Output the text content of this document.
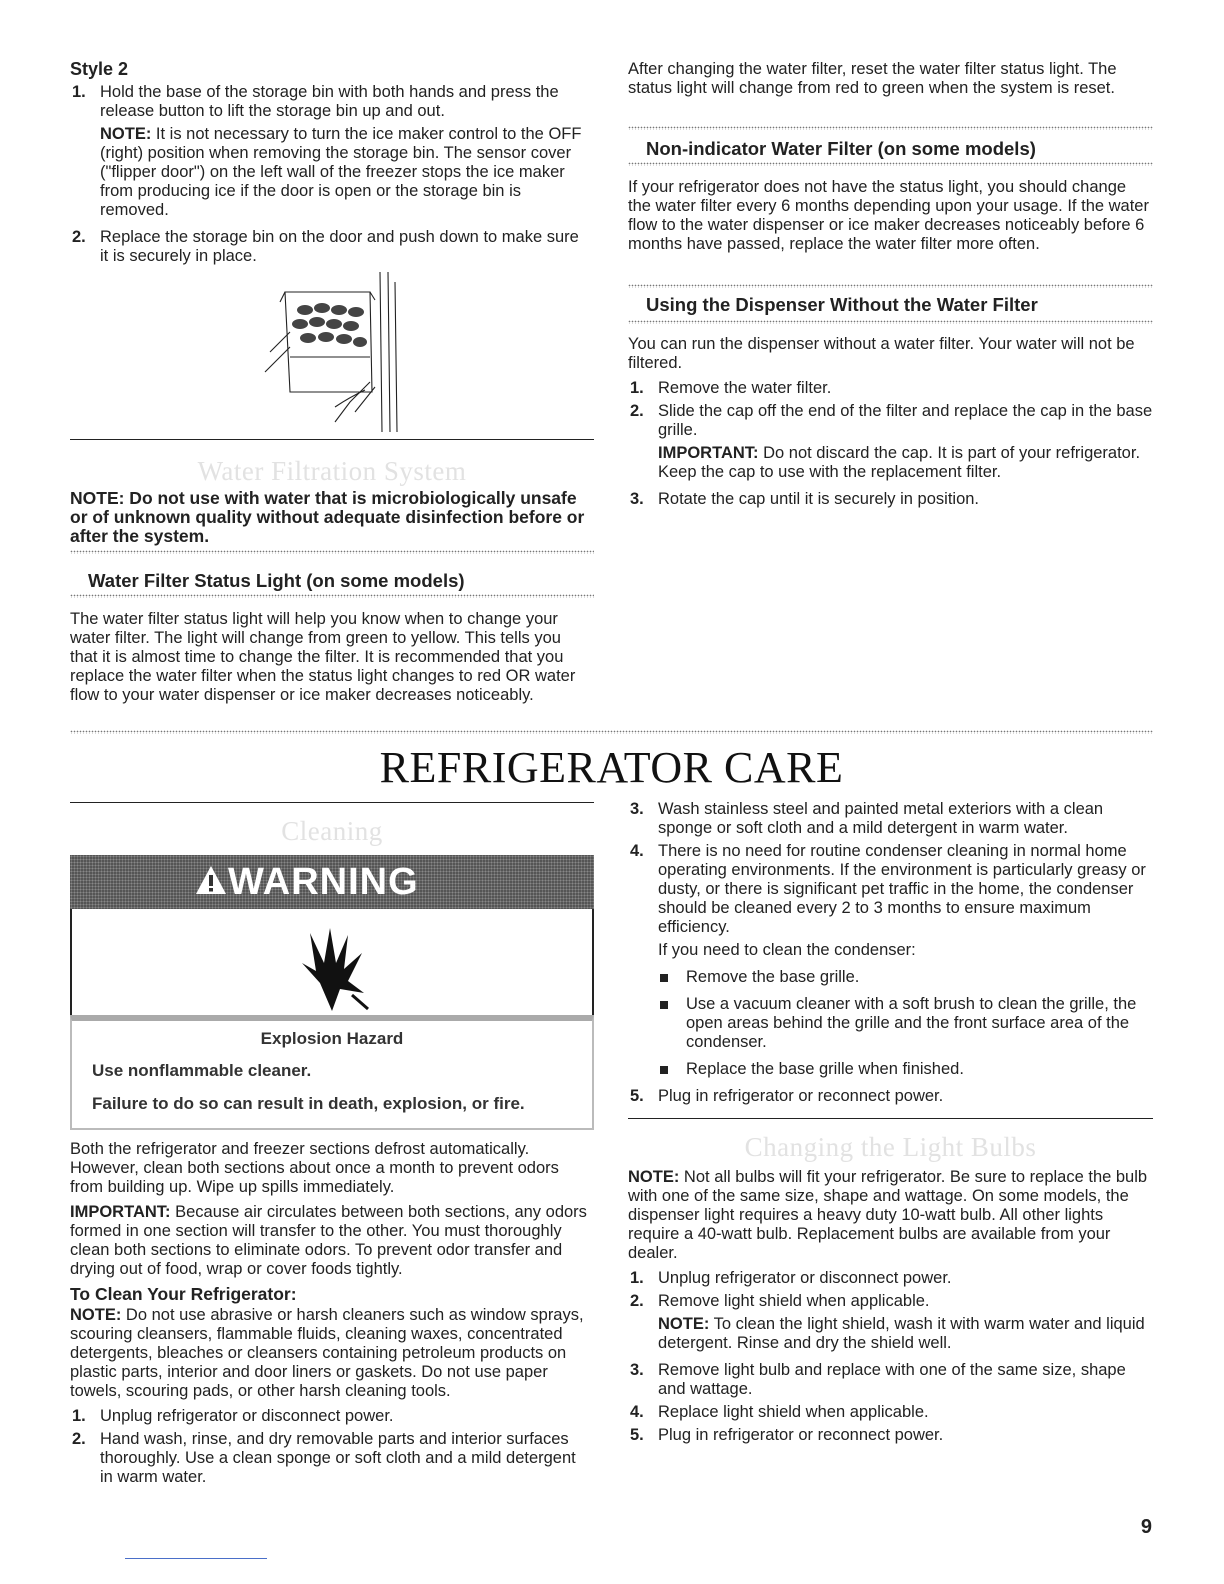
Style 2
1. Hold the base of the storage bin with both hands and press the release button to lift the storage bin up and out.
NOTE: It is not necessary to turn the ice maker control to the OFF (right) position when removing the storage bin. The sensor cover ("flipper door") on the left wall of the freezer stops the ice maker from producing ice if the door is open or the storage bin is removed.
2. Replace the storage bin on the door and push down to make sure it is securely in place.
Water Filtration System
NOTE: Do not use with water that is microbiologically unsafe or of unknown quality without adequate disinfection before or after the system.
Water Filter Status Light (on some models)
The water filter status light will help you know when to change your water filter. The light will change from green to yellow. This tells you that it is almost time to change the filter. It is recommended that you replace the water filter when the status light changes to red OR water flow to your water dispenser or ice maker decreases noticeably.
After changing the water filter, reset the water filter status light. The status light will change from red to green when the system is reset.
Non-indicator Water Filter (on some models)
If your refrigerator does not have the status light, you should change the water filter every 6 months depending upon your usage. If the water flow to the water dispenser or ice maker decreases noticeably before 6 months have passed, replace the water filter more often.
Using the Dispenser Without the Water Filter
You can run the dispenser without a water filter. Your water will not be filtered.
1. Remove the water filter.
2. Slide the cap off the end of the filter and replace the cap in the base grille.
IMPORTANT: Do not discard the cap. It is part of your refrigerator. Keep the cap to use with the replacement filter.
3. Rotate the cap until it is securely in position.
REFRIGERATOR CARE
Cleaning
WARNING
Explosion Hazard
Use nonflammable cleaner.
Failure to do so can result in death, explosion, or fire.
Both the refrigerator and freezer sections defrost automatically. However, clean both sections about once a month to prevent odors from building up. Wipe up spills immediately.
IMPORTANT: Because air circulates between both sections, any odors formed in one section will transfer to the other. You must thoroughly clean both sections to eliminate odors. To prevent odor transfer and drying out of food, wrap or cover foods tightly.
To Clean Your Refrigerator:
NOTE: Do not use abrasive or harsh cleaners such as window sprays, scouring cleansers, flammable fluids, cleaning waxes, concentrated detergents, bleaches or cleansers containing petroleum products on plastic parts, interior and door liners or gaskets. Do not use paper towels, scouring pads, or other harsh cleaning tools.
1. Unplug refrigerator or disconnect power.
2. Hand wash, rinse, and dry removable parts and interior surfaces thoroughly. Use a clean sponge or soft cloth and a mild detergent in warm water.
3. Wash stainless steel and painted metal exteriors with a clean sponge or soft cloth and a mild detergent in warm water.
4. There is no need for routine condenser cleaning in normal home operating environments. If the environment is particularly greasy or dusty, or there is significant pet traffic in the home, the condenser should be cleaned every 2 to 3 months to ensure maximum efficiency.
If you need to clean the condenser:
Remove the base grille.
Use a vacuum cleaner with a soft brush to clean the grille, the open areas behind the grille and the front surface area of the condenser.
Replace the base grille when finished.
5. Plug in refrigerator or reconnect power.
Changing the Light Bulbs
NOTE: Not all bulbs will fit your refrigerator. Be sure to replace the bulb with one of the same size, shape and wattage. On some models, the dispenser light requires a heavy duty 10-watt bulb. All other lights require a 40-watt bulb. Replacement bulbs are available from your dealer.
1. Unplug refrigerator or disconnect power.
2. Remove light shield when applicable.
NOTE: To clean the light shield, wash it with warm water and liquid detergent. Rinse and dry the shield well.
3. Remove light bulb and replace with one of the same size, shape and wattage.
4. Replace light shield when applicable.
5. Plug in refrigerator or reconnect power.
9
